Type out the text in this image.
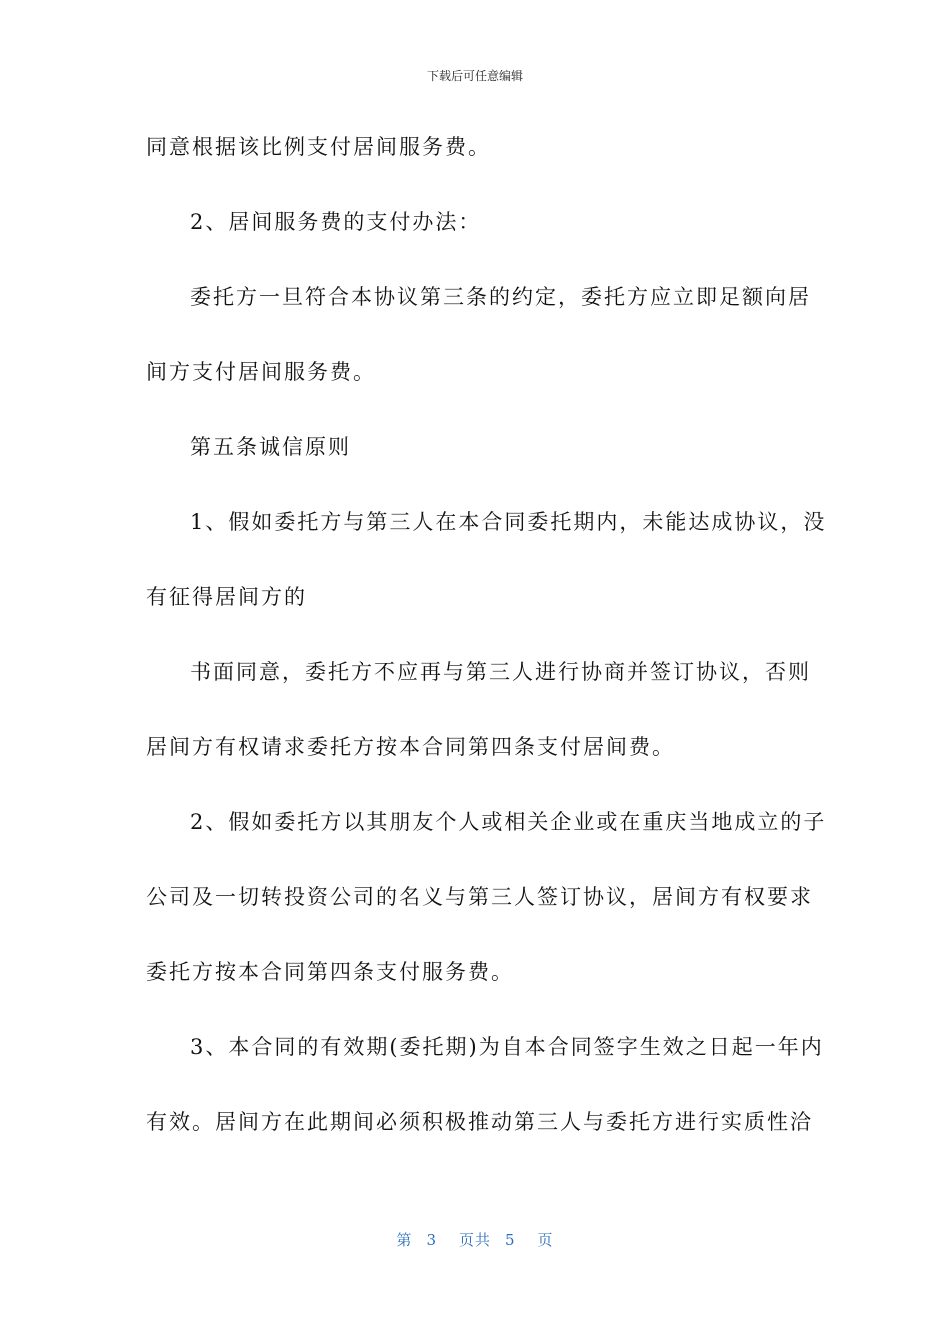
下载后可任意编辑
同意根据该比例支付居间服务费。
2、居间服务费的支付办法：
委托方一旦符合本协议第三条的约定，委托方应立即足额向居
间方支付居间服务费。
第五条诚信原则
1、假如委托方与第三人在本合同委托期内，未能达成协议，没
有征得居间方的
书面同意，委托方不应再与第三人进行协商并签订协议，否则
居间方有权请求委托方按本合同第四条支付居间费。
2、假如委托方以其朋友个人或相关企业或在重庆当地成立的子
公司及一切转投资公司的名义与第三人签订协议，居间方有权要求
委托方按本合同第四条支付服务费。
3、本合同的有效期(委托期)为自本合同签字生效之日起一年内
有效。居间方在此期间必须积极推动第三人与委托方进行实质性洽
第 3 页共 5 页
